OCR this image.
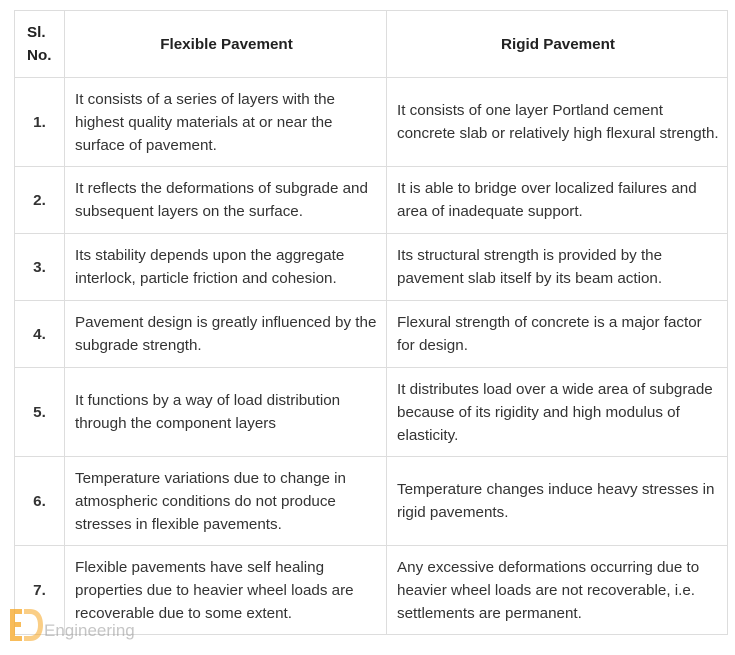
Sl.
No.	Flexible Pavement	Rigid Pavement
1.	It consists of a series of layers with the highest quality materials at or near the surface of pavement.	It consists of one layer Portland cement concrete slab or relatively high flexural strength.
2.	It reflects the deformations of subgrade and subsequent layers on the surface.	It is able to bridge over localized failures and area of inadequate support.
3.	Its stability depends upon the aggregate interlock, particle friction and cohesion.	Its structural strength is provided by the pavement slab itself by its beam action.
4.	Pavement design is greatly influenced by the subgrade strength.	Flexural strength of concrete is a major factor for design.
5.	It functions by a way of load distribution through the component layers	It distributes load over a wide area of subgrade because of its rigidity and high modulus of elasticity.
6.	Temperature variations due to change in atmospheric conditions do not produce stresses in flexible pavements.	Temperature changes induce heavy stresses in rigid pavements.
7.	Flexible pavements have self healing properties due to heavier wheel loads are recoverable due to some extent.	Any excessive deformations occurring due to heavier wheel loads are not recoverable, i.e. settlements are permanent.
Engineering
